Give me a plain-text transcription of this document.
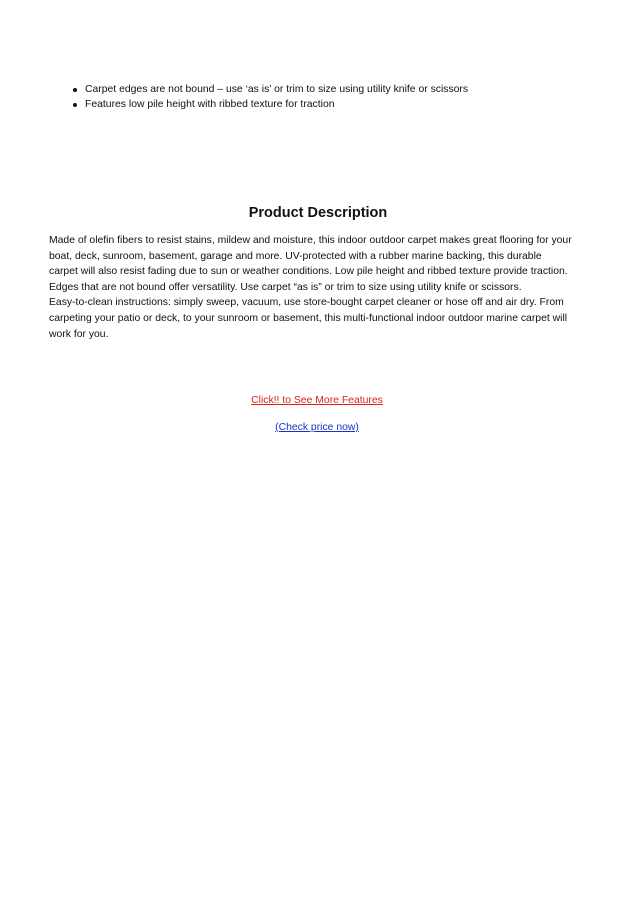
Carpet edges are not bound – use ‘as is’ or trim to size using utility knife or scissors
Features low pile height with ribbed texture for traction
Product Description

Made of olefin fibers to resist stains, mildew and moisture, this indoor outdoor carpet makes great flooring for your
boat, deck, sunroom, basement, garage and more. UV-protected with a rubber marine backing, this durable
carpet will also resist fading due to sun or weather conditions. Low pile height and ribbed texture provide traction.
Edges that are not bound offer versatility. Use carpet “as is” or trim to size using utility knife or scissors.
Easy-to-clean instructions: simply sweep, vacuum, use store-bought carpet cleaner or hose off and air dry. From
carpeting your patio or deck, to your sunroom or basement, this multi-functional indoor outdoor marine carpet will
work for you.

Click!! to See More Features
(Check price now)
